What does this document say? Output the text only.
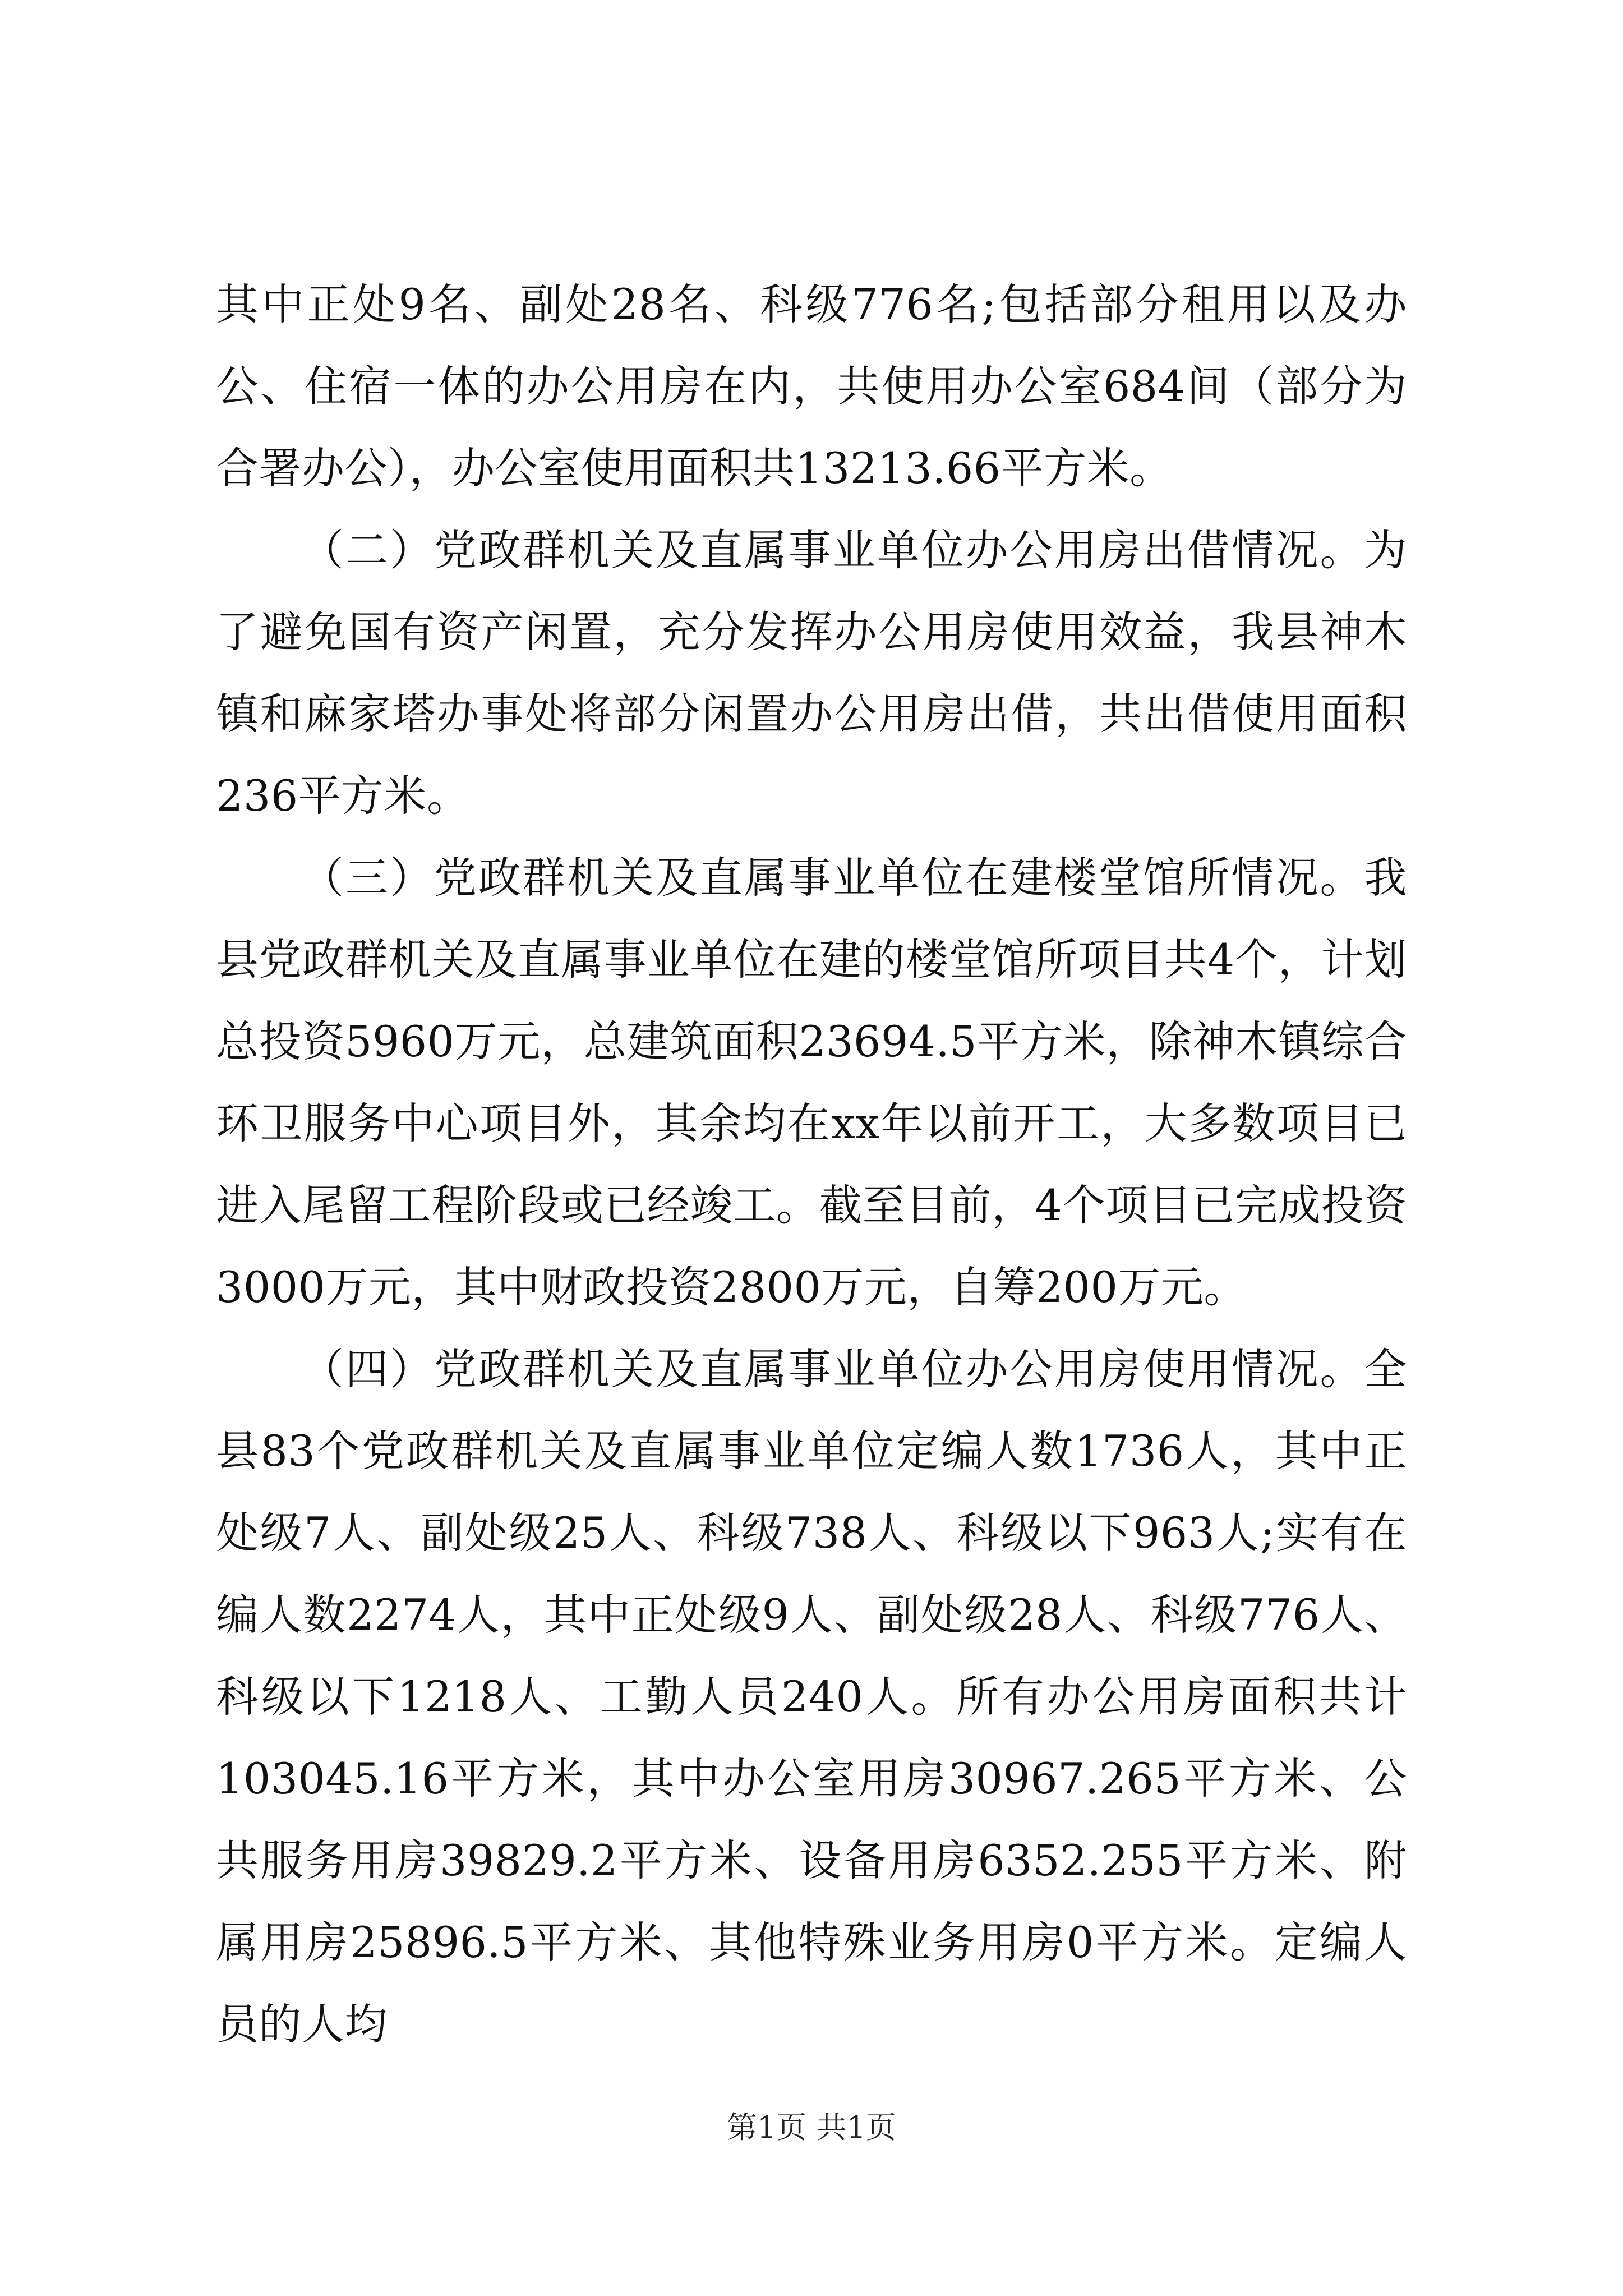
其中正处9名、副处28名、科级776名;包括部分租用以及办公、住宿一体的办公用房在内，共使用办公室684间（部分为合署办公），办公室使用面积共13213.66平方米。

（二）党政群机关及直属事业单位办公用房出借情况。为了避免国有资产闲置，充分发挥办公用房使用效益，我县神木镇和麻家塔办事处将部分闲置办公用房出借，共出借使用面积236平方米。

（三）党政群机关及直属事业单位在建楼堂馆所情况。我县党政群机关及直属事业单位在建的楼堂馆所项目共4个，计划总投资5960万元，总建筑面积23694.5平方米，除神木镇综合环卫服务中心项目外，其余均在xx年以前开工，大多数项目已进入尾留工程阶段或已经竣工。截至目前，4个项目已完成投资3000万元，其中财政投资2800万元，自筹200万元。

（四）党政群机关及直属事业单位办公用房使用情况。全县83个党政群机关及直属事业单位定编人数1736人，其中正处级7人、副处级25人、科级738人、科级以下963人;实有在编人数2274人，其中正处级9人、副处级28人、科级776人、科级以下1218人、工勤人员240人。所有办公用房面积共计103045.16平方米，其中办公室用房30967.265平方米、公共服务用房39829.2平方米、设备用房6352.255平方米、附属用房25896.5平方米、其他特殊业务用房0平方米。定编人员的人均

第1页 共1页
